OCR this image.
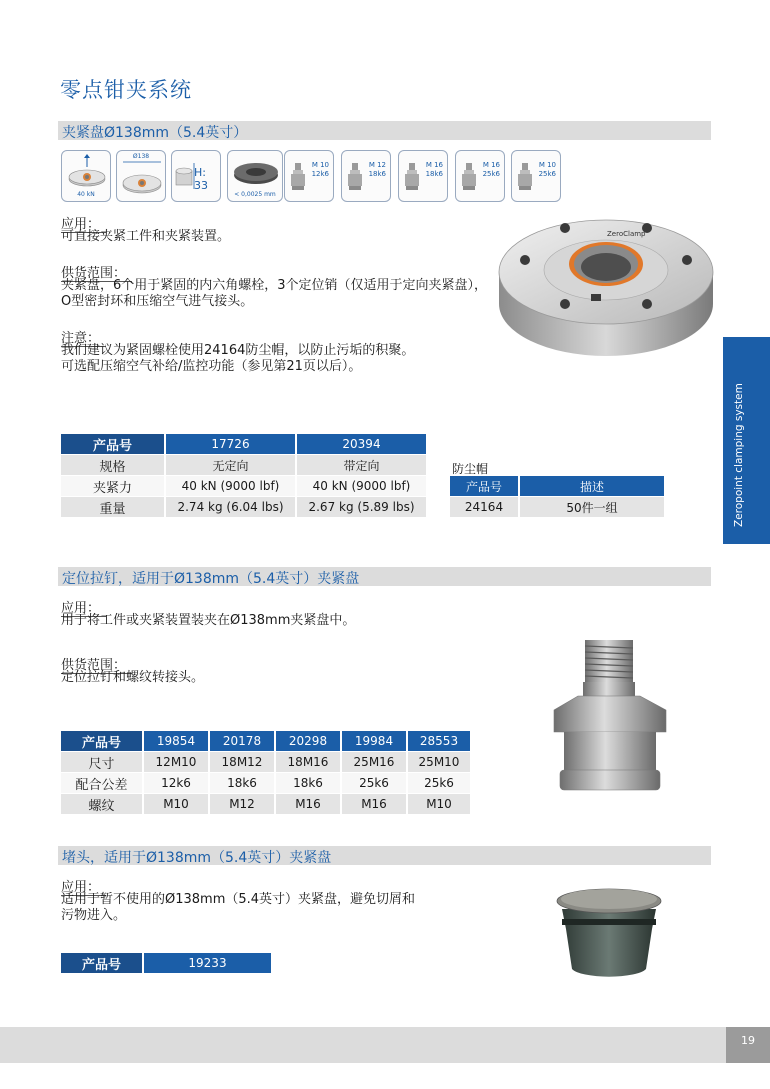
零点钳夹系统
Zeropoint clamping system
夹紧盘Ø138mm（5.4英寸）
40 kN
Ø138
H: 33
< 0,0025 mm
M 10
12k6
M 12
18k6
M 16
18k6
M 16
25k6
M 10
25k6
ZeroClamp
应用：
可直接夹紧工件和夹紧装置。
供货范围：
夹紧盘，6个用于紧固的内六角螺栓，3个定位销（仅适用于定向夹紧盘），
O型密封环和压缩空气进气接头。
注意：
我们建议为紧固螺栓使用24164防尘帽，以防止污垢的积聚。
可选配压缩空气补给/监控功能（参见第21页以后）。
产品号	17726	20394
规格	无定向	带定向
夹紧力	40 kN (9000 lbf)	40 kN (9000 lbf)
重量	2.74 kg (6.04 lbs)	2.67 kg (5.89 lbs)
防尘帽
产品号	描述
24164	50件一组
定位拉钉，适用于Ø138mm（5.4英寸）夹紧盘
应用：
用于将工件或夹紧装置装夹在Ø138mm夹紧盘中。
供货范围：
定位拉钉和螺纹转接头。
产品号	19854	20178	20298	19984	28553
尺寸	12M10	18M12	18M16	25M16	25M10
配合公差	12k6	18k6	18k6	25k6	25k6
螺纹	M10	M12	M16	M16	M10
堵头，适用于Ø138mm（5.4英寸）夹紧盘
应用：
适用于暂不使用的Ø138mm（5.4英寸）夹紧盘，避免切屑和
污物进入。
产品号	19233
19
